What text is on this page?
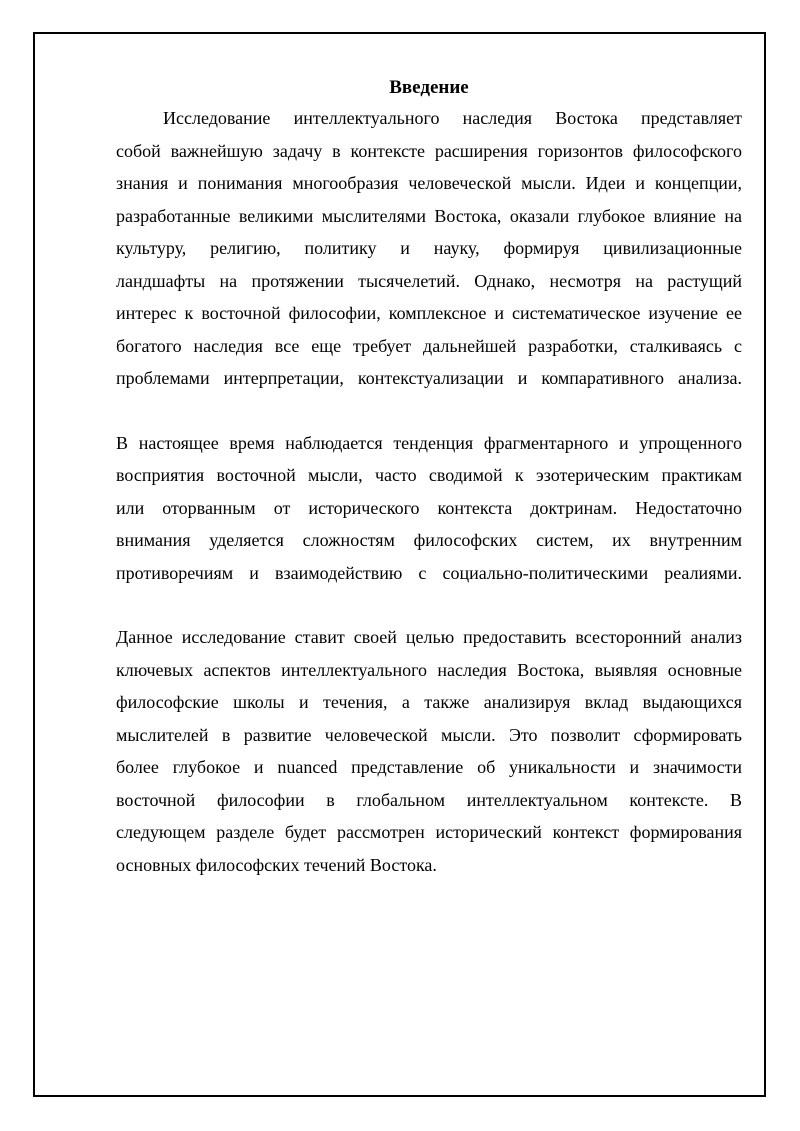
Введение
Исследование интеллектуального наследия Востока представляет
собой важнейшую задачу в контексте расширения горизонтов философского
знания и понимания многообразия человеческой мысли. Идеи и концепции,
разработанные великими мыслителями Востока, оказали глубокое влияние на
культуру, религию, политику и науку, формируя цивилизационные
ландшафты на протяжении тысячелетий. Однако, несмотря на растущий
интерес к восточной философии, комплексное и систематическое изучение ее
богатого наследия все еще требует дальнейшей разработки, сталкиваясь с
проблемами интерпретации, контекстуализации и компаративного анализа.
В настоящее время наблюдается тенденция фрагментарного и упрощенного
восприятия восточной мысли, часто сводимой к эзотерическим практикам
или оторванным от исторического контекста доктринам. Недостаточно
внимания уделяется сложностям философских систем, их внутренним
противоречиям и взаимодействию с социально-политическими реалиями.
Данное исследование ставит своей целью предоставить всесторонний анализ
ключевых аспектов интеллектуального наследия Востока, выявляя основные
философские школы и течения, а также анализируя вклад выдающихся
мыслителей в развитие человеческой мысли. Это позволит сформировать
более глубокое и nuanced представление об уникальности и значимости
восточной философии в глобальном интеллектуальном контексте. В
следующем разделе будет рассмотрен исторический контекст формирования
основных философских течений Востока.
